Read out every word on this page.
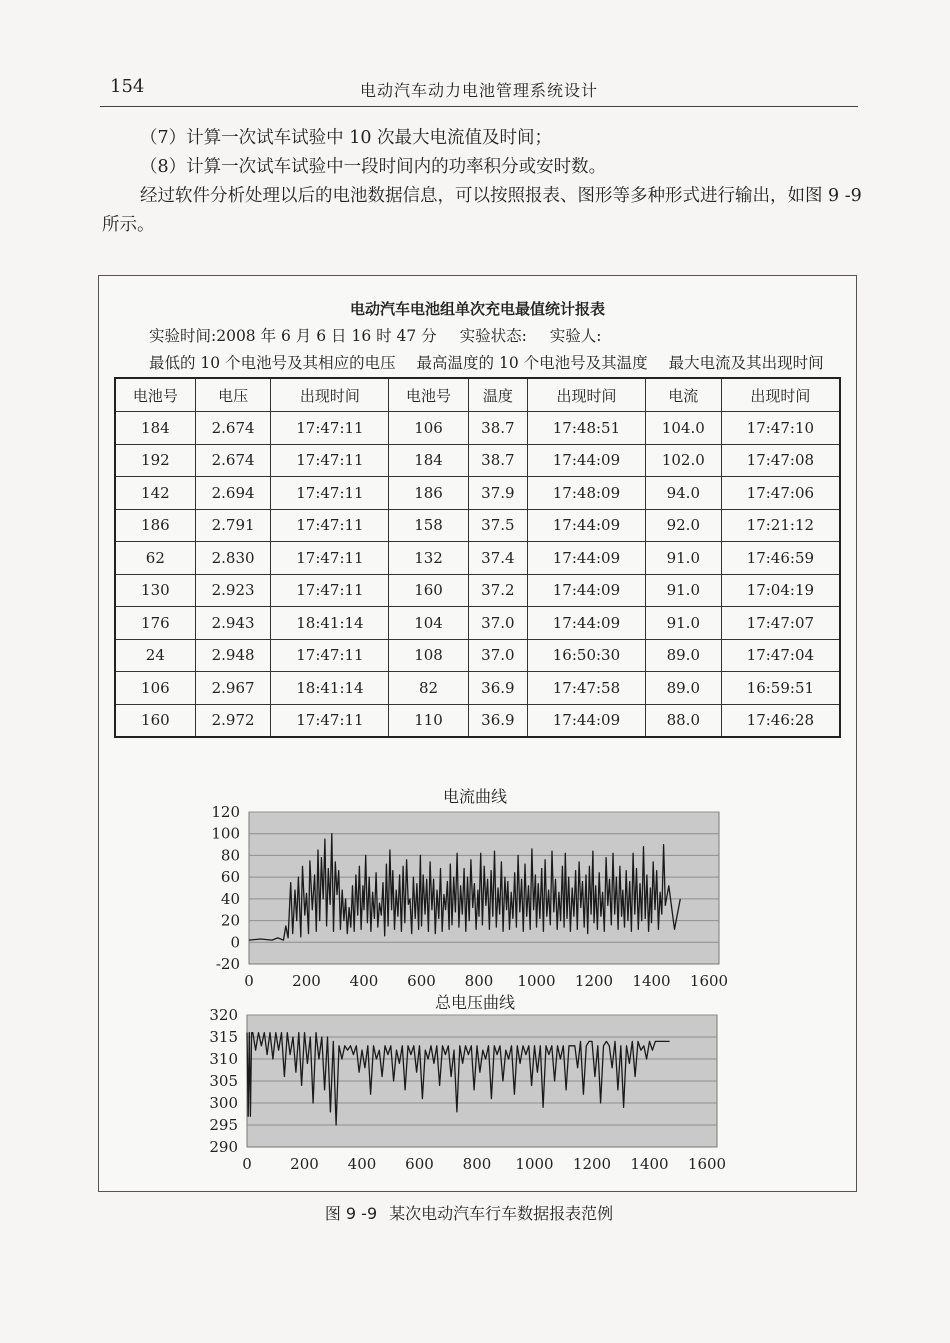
154	电动汽车动力电池管理系统设计

（7）计算一次试车试验中 10 次最大电流值及时间；

（8）计算一次试车试验中一段时间内的功率积分或安时数。

经过软件分析处理以后的电池数据信息，可以按照报表、图形等多种形式进行输出，如图 9 -9 所示。

电动汽车电池组单次充电最值统计报表
实验时间:2008 年 6 月 6 日 16 时 47 分 实验状态: 实验人:
最低的 10 个电池号及其相应的电压 最高温度的 10 个电池号及其温度 最大电流及其出现时间
电池号	电压	出现时间	电池号	温度	出现时间	电流	出现时间
184	2.674	17:47:11	106	38.7	17:48:51	104.0	17:47:10
192	2.674	17:47:11	184	38.7	17:44:09	102.0	17:47:08
142	2.694	17:47:11	186	37.9	17:48:09	94.0	17:47:06
186	2.791	17:47:11	158	37.5	17:44:09	92.0	17:21:12
62	2.830	17:47:11	132	37.4	17:44:09	91.0	17:46:59
130	2.923	17:47:11	160	37.2	17:44:09	91.0	17:04:19
176	2.943	18:41:14	104	37.0	17:44:09	91.0	17:47:07
24	2.948	17:47:11	108	37.0	16:50:30	89.0	17:47:04
106	2.967	18:41:14	82	36.9	17:47:58	89.0	16:59:51
160	2.972	17:47:11	110	36.9	17:44:09	88.0	17:46:28
电流曲线
-20
0
20
40
60
80
100
120
0	200 400 600 800 1000 1200 1400 1600
总电压曲线
290
295
300
305
310
315
320
0	200 400 600 800 1000 1200 1400 1600
图 9 -9 某次电动汽车行车数据报表范例
